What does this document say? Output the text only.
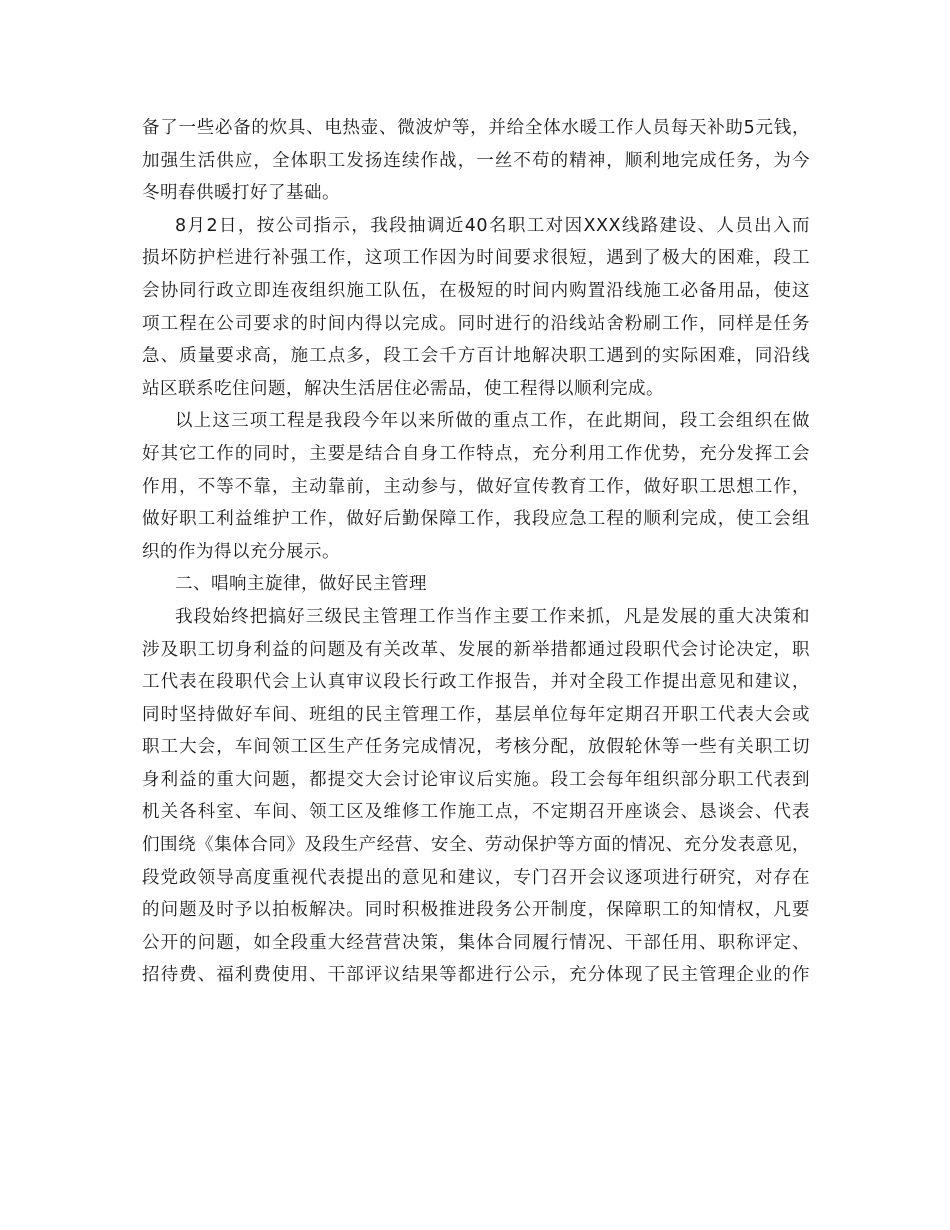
备了一些必备的炊具、电热壶、微波炉等，并给全体水暖工作人员每天补助5元钱，
加强生活供应，全体职工发扬连续作战，一丝不苟的精神，顺利地完成任务，为今
冬明春供暖打好了基础。
8月2日，按公司指示，我段抽调近40名职工对因XXX线路建设、人员出入而
损坏防护栏进行补强工作，这项工作因为时间要求很短，遇到了极大的困难，段工
会协同行政立即连夜组织施工队伍，在极短的时间内购置沿线施工必备用品，使这
项工程在公司要求的时间内得以完成。同时进行的沿线站舍粉刷工作，同样是任务
急、质量要求高，施工点多，段工会千方百计地解决职工遇到的实际困难，同沿线
站区联系吃住问题，解决生活居住必需品，使工程得以顺利完成。
以上这三项工程是我段今年以来所做的重点工作，在此期间，段工会组织在做
好其它工作的同时，主要是结合自身工作特点，充分利用工作优势，充分发挥工会
作用，不等不靠，主动靠前，主动参与，做好宣传教育工作，做好职工思想工作，
做好职工利益维护工作，做好后勤保障工作，我段应急工程的顺利完成，使工会组
织的作为得以充分展示。
二、唱响主旋律，做好民主管理
我段始终把搞好三级民主管理工作当作主要工作来抓，凡是发展的重大决策和
涉及职工切身利益的问题及有关改革、发展的新举措都通过段职代会讨论决定，职
工代表在段职代会上认真审议段长行政工作报告，并对全段工作提出意见和建议，
同时坚持做好车间、班组的民主管理工作，基层单位每年定期召开职工代表大会或
职工大会，车间领工区生产任务完成情况，考核分配，放假轮休等一些有关职工切
身利益的重大问题，都提交大会讨论审议后实施。段工会每年组织部分职工代表到
机关各科室、车间、领工区及维修工作施工点，不定期召开座谈会、恳谈会、代表
们围绕《集体合同》及段生产经营、安全、劳动保护等方面的情况、充分发表意见，
段党政领导高度重视代表提出的意见和建议，专门召开会议逐项进行研究，对存在
的问题及时予以拍板解决。同时积极推进段务公开制度，保障职工的知情权，凡要
公开的问题，如全段重大经营营决策，集体合同履行情况、干部任用、职称评定、
招待费、福利费使用、干部评议结果等都进行公示，充分体现了民主管理企业的作
